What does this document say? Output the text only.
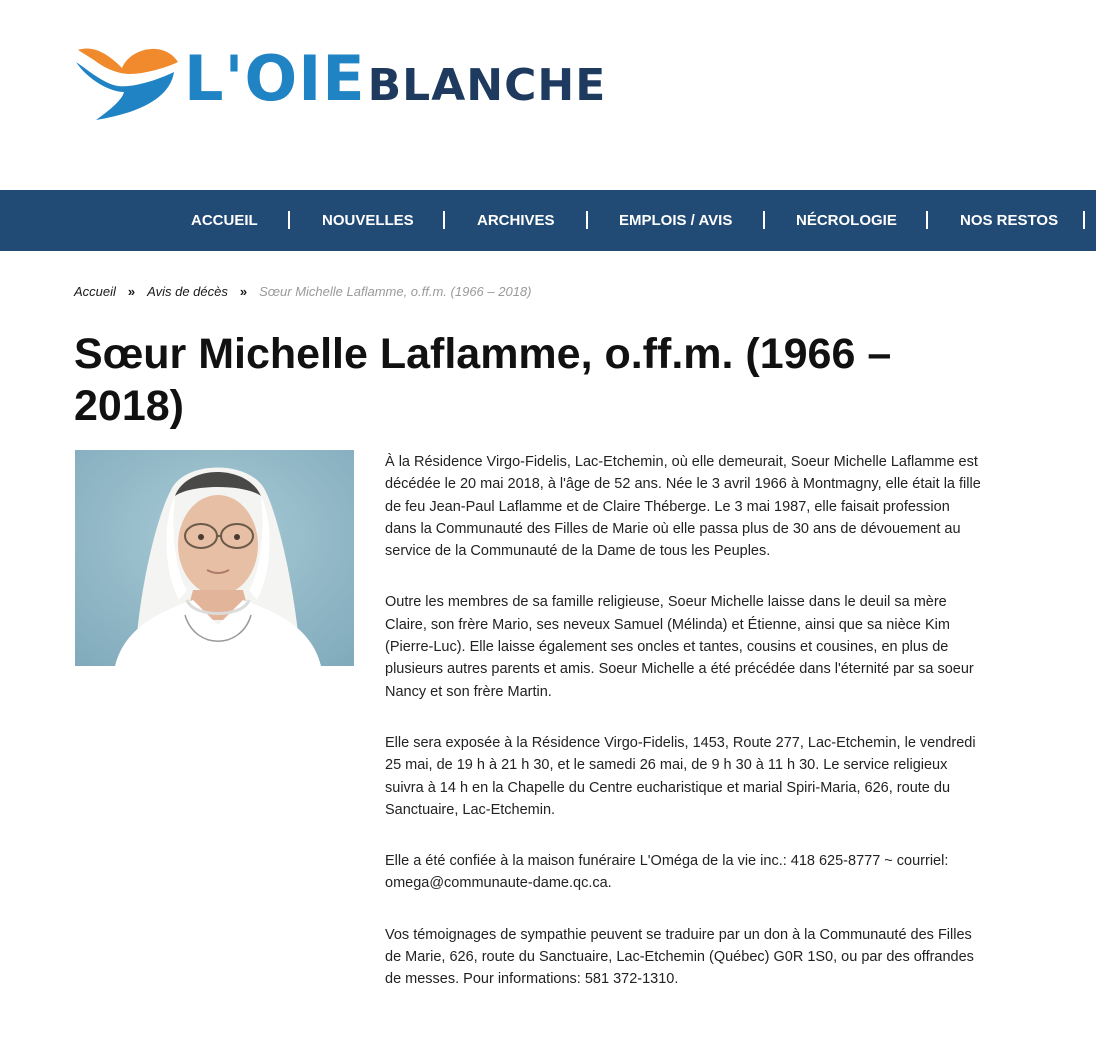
L'OIEBLANCHE
ACCUEIL	NOUVELLES	ARCHIVES	EMPLOIS / AVIS	NÉCROLOGIE	NOS RESTOS
Accueil » Avis de décès » Sœur Michelle Laflamme, o.ff.m. (1966 – 2018)
Sœur Michelle Laflamme, o.ff.m. (1966 – 2018)

À la Résidence Virgo-Fidelis, Lac-Etchemin, où elle demeurait, Soeur Michelle Laflamme est décédée le 20 mai 2018, à l'âge de 52 ans. Née le 3 avril 1966 à Montmagny, elle était la fille de feu Jean-Paul Laflamme et de Claire Théberge. Le 3 mai 1987, elle faisait profession dans la Communauté des Filles de Marie où elle passa plus de 30 ans de dévouement au service de la Communauté de la Dame de tous les Peuples.

Outre les membres de sa famille religieuse, Soeur Michelle laisse dans le deuil sa mère Claire, son frère Mario, ses neveux Samuel (Mélinda) et Étienne, ainsi que sa nièce Kim (Pierre-Luc). Elle laisse également ses oncles et tantes, cousins et cousines, en plus de plusieurs autres parents et amis. Soeur Michelle a été précédée dans l'éternité par sa soeur Nancy et son frère Martin.

Elle sera exposée à la Résidence Virgo-Fidelis, 1453, Route 277, Lac-Etchemin, le vendredi 25 mai, de 19 h à 21 h 30, et le samedi 26 mai, de 9 h 30 à 11 h 30. Le service religieux suivra à 14 h en la Chapelle du Centre eucharistique et marial Spiri-Maria, 626, route du Sanctuaire, Lac-Etchemin.

Elle a été confiée à la maison funéraire L'Oméga de la vie inc.: 418 625-8777 ~ courriel: omega@communaute-dame.qc.ca.

Vos témoignages de sympathie peuvent se traduire par un don à la Communauté des Filles de Marie, 626, route du Sanctuaire, Lac-Etchemin (Québec) G0R 1S0, ou par des offrandes de messes. Pour informations: 581 372-1310.
